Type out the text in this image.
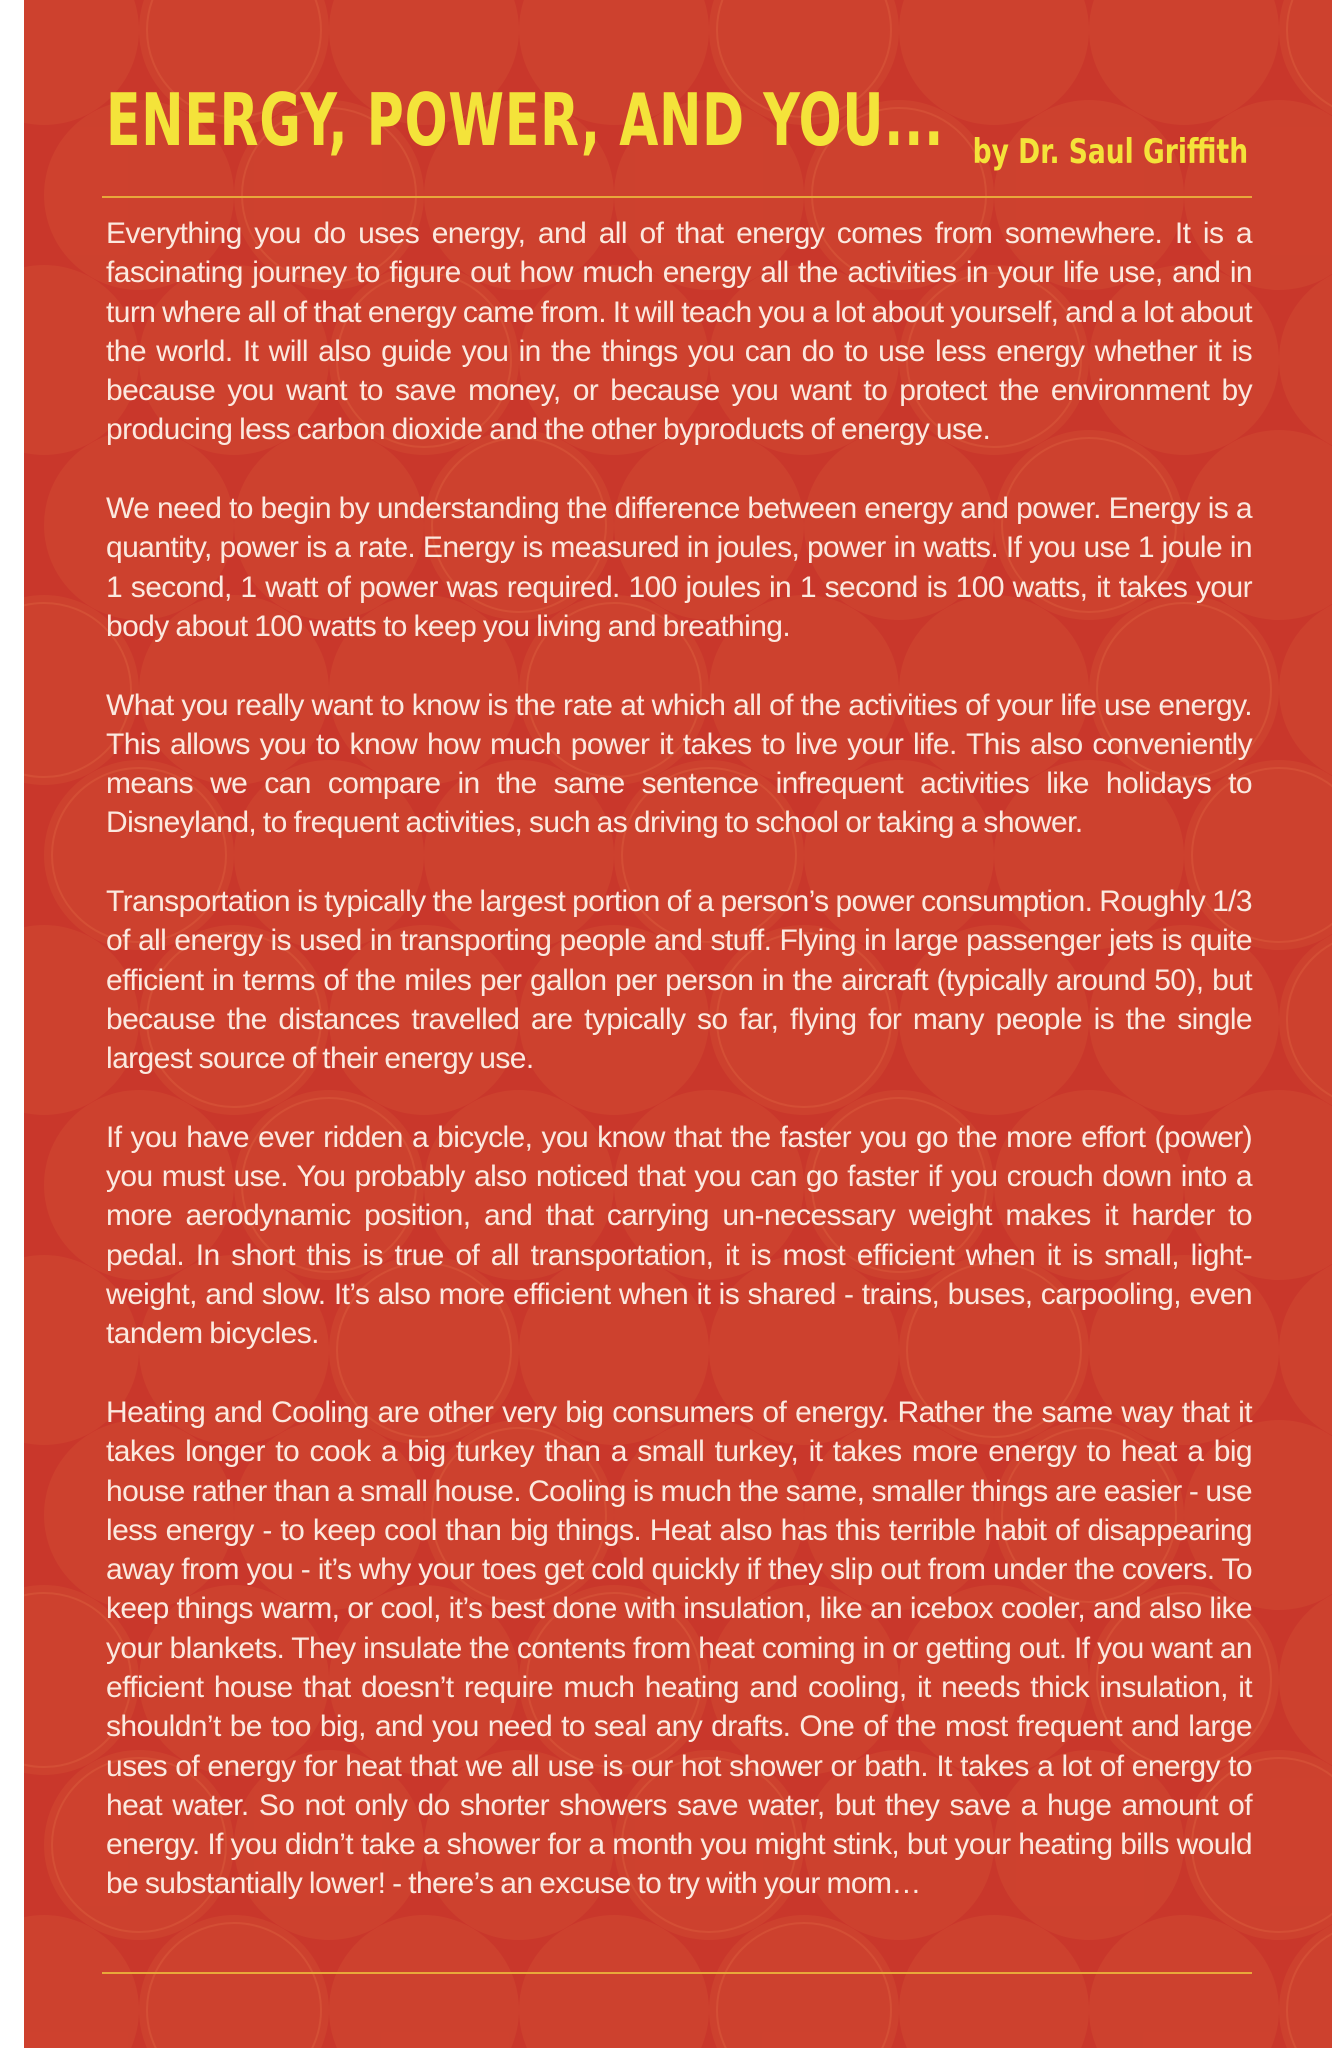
ENERGY, POWER, AND YOU... by Dr. Saul Griffith

Everything you do uses energy, and all of that energy comes from somewhere. It is a fascinating journey to figure out how much energy all the activities in your life use, and in turn where all of that energy came from. It will teach you a lot about yourself, and a lot about the world. It will also guide you in the things you can do to use less energy whether it is because you want to save money, or because you want to protect the environment by producing less carbon dioxide and the other byproducts of energy use.

We need to begin by understanding the difference between energy and power. Energy is a quantity, power is a rate. Energy is measured in joules, power in watts. If you use 1 joule in 1 second, 1 watt of power was required. 100 joules in 1 second is 100 watts, it takes your body about 100 watts to keep you living and breathing.

What you really want to know is the rate at which all of the activities of your life use energy. This allows you to know how much power it takes to live your life. This also conveniently means we can compare in the same sentence infrequent activities like holidays to Disneyland, to frequent activities, such as driving to school or taking a shower.

Transportation is typically the largest portion of a person’s power consumption. Roughly 1/3 of all energy is used in transporting people and stuff. Flying in large passenger jets is quite efficient in terms of the miles per gallon per person in the aircraft (typically around 50), but because the distances travelled are typically so far, flying for many people is the single largest source of their energy use.

If you have ever ridden a bicycle, you know that the faster you go the more effort (power) you must use. You probably also noticed that you can go faster if you crouch down into a more aerodynamic position, and that carrying un-necessary weight makes it harder to pedal. In short this is true of all transportation, it is most efficient when it is small, light-weight, and slow. It’s also more efficient when it is shared - trains, buses, carpooling, even tandem bicycles.

Heating and Cooling are other very big consumers of energy. Rather the same way that it takes longer to cook a big turkey than a small turkey, it takes more energy to heat a big house rather than a small house. Cooling is much the same, smaller things are easier - use less energy - to keep cool than big things. Heat also has this terrible habit of disappearing away from you - it’s why your toes get cold quickly if they slip out from under the covers. To keep things warm, or cool, it’s best done with insulation, like an icebox cooler, and also like your blankets. They insulate the contents from heat coming in or getting out. If you want an efficient house that doesn’t require much heating and cooling, it needs thick insulation, it shouldn’t be too big, and you need to seal any drafts. One of the most frequent and large uses of energy for heat that we all use is our hot shower or bath. It takes a lot of energy to heat water. So not only do shorter showers save water, but they save a huge amount of energy. If you didn’t take a shower for a month you might stink, but your heating bills would be substantially lower! - there’s an excuse to try with your mom…
